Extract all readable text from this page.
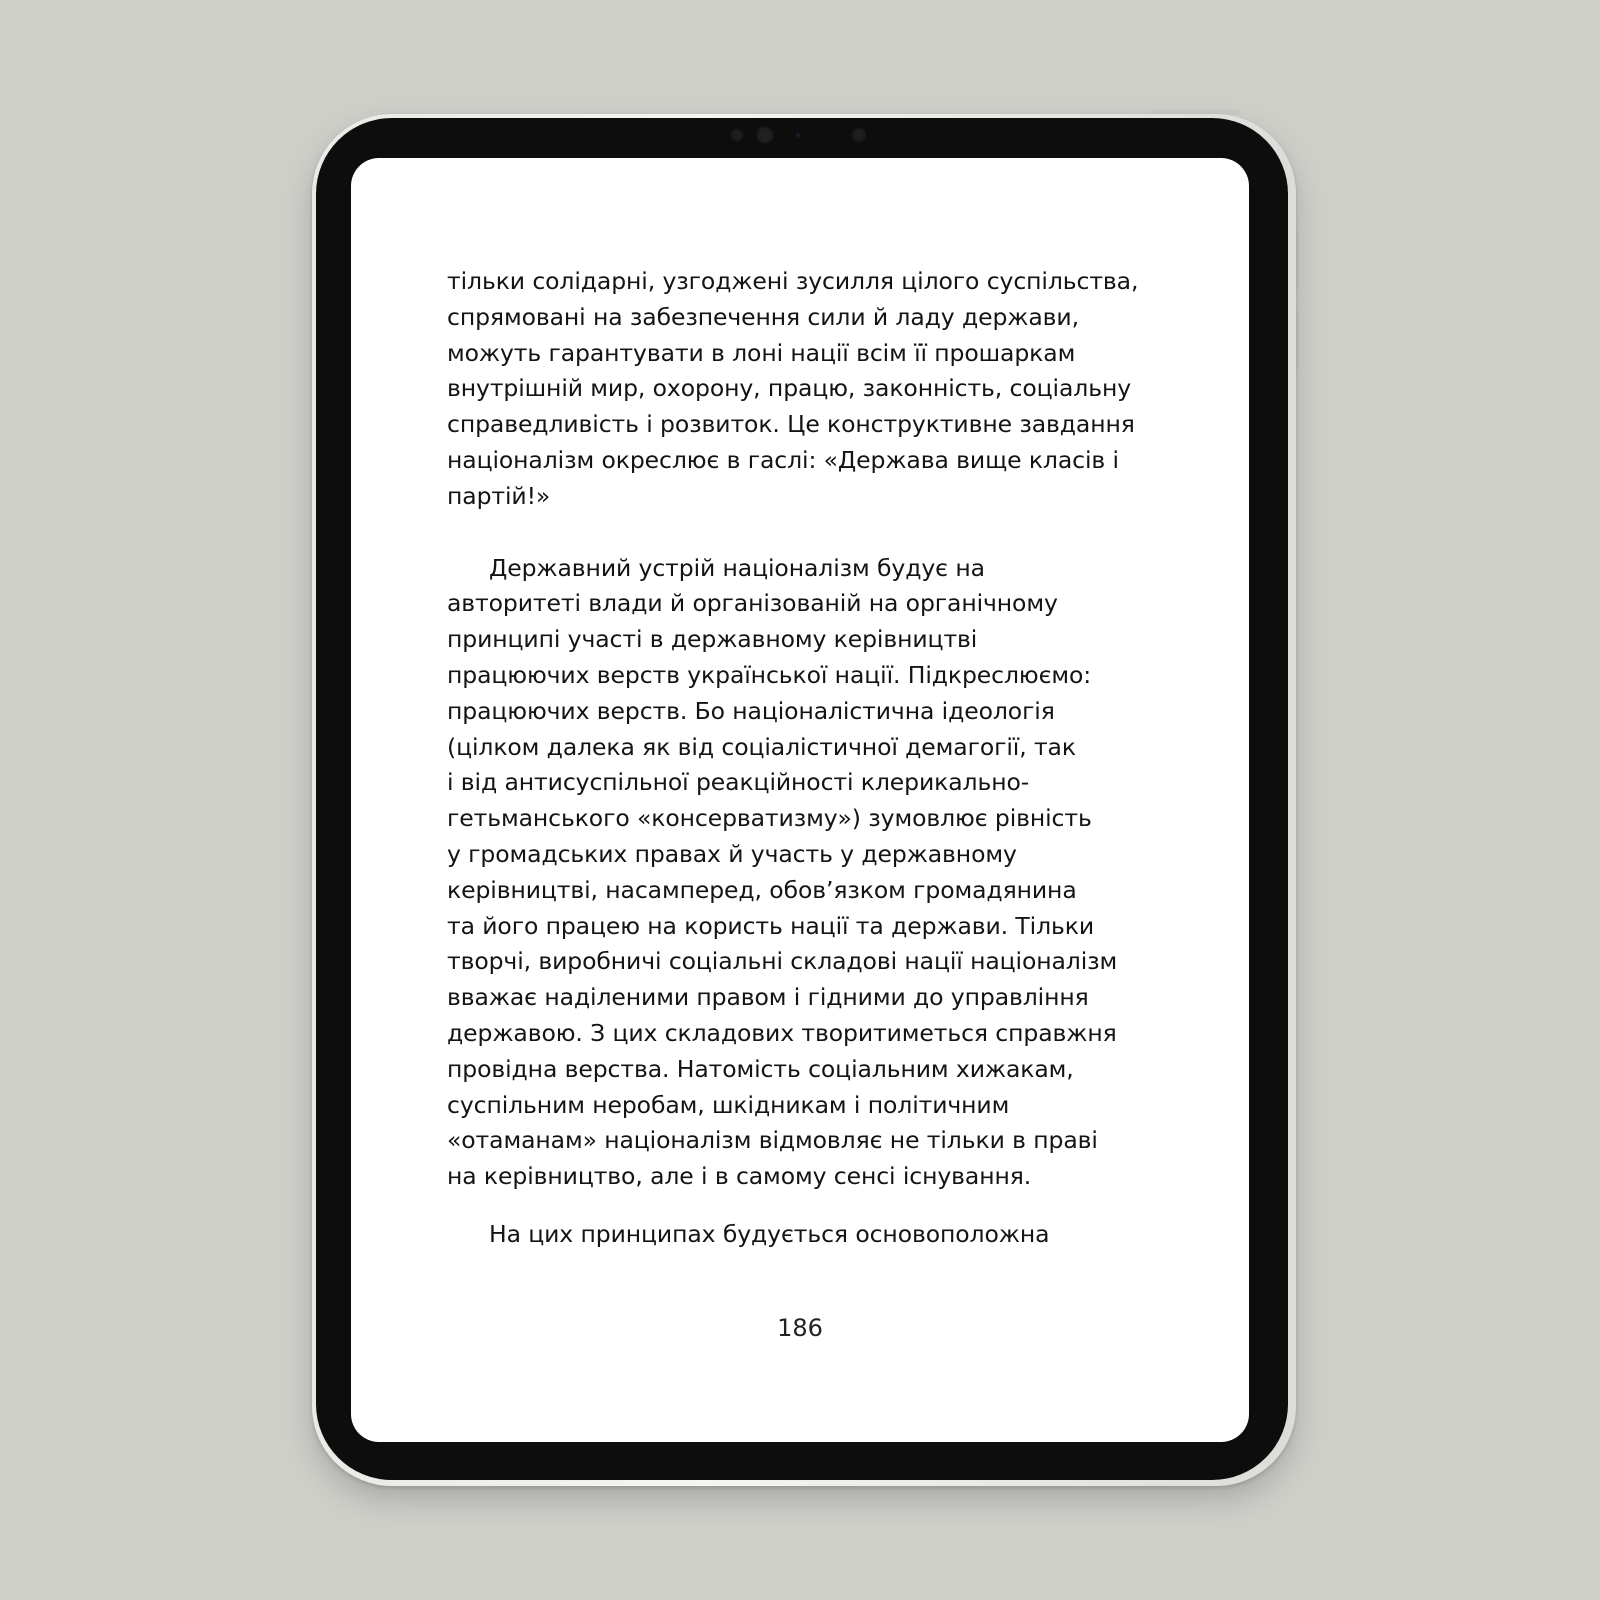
тільки солідарні, узгоджені зусилля цілого суспільства,
спрямовані на забезпечення сили й ладу держави,
можуть гарантувати в лоні нації всім її прошаркам
внутрішній мир, охорону, працю, законність, соціальну
справедливість і розвиток. Це конструктивне завдання
націоналізм окреслює в гаслі: «Держава вище класів і
партій!»

Державний устрій націоналізм будує на
авторитеті влади й організованій на органічному
принципі участі в державному керівництві
працюючих верств української нації. Підкреслюємо:
працюючих верств. Бо націоналістична ідеологія
(цілком далека як від соціалістичної демагогії, так
і від антисуспільної реакційності клерикально-
гетьманського «консерватизму») зумовлює рівність
у громадських правах й участь у державному
керівництві, насамперед, обов’язком громадянина
та його працею на користь нації та держави. Тільки
творчі, виробничі соціальні складові нації націоналізм
вважає наділеними правом і гідними до управління
державою. З цих складових творитиметься справжня
провідна верства. Натомість соціальним хижакам,
суспільним неробам, шкідникам і політичним
«отаманам» націоналізм відмовляє не тільки в праві
на керівництво, але і в самому сенсі існування.

На цих принципах будується основоположна

186
